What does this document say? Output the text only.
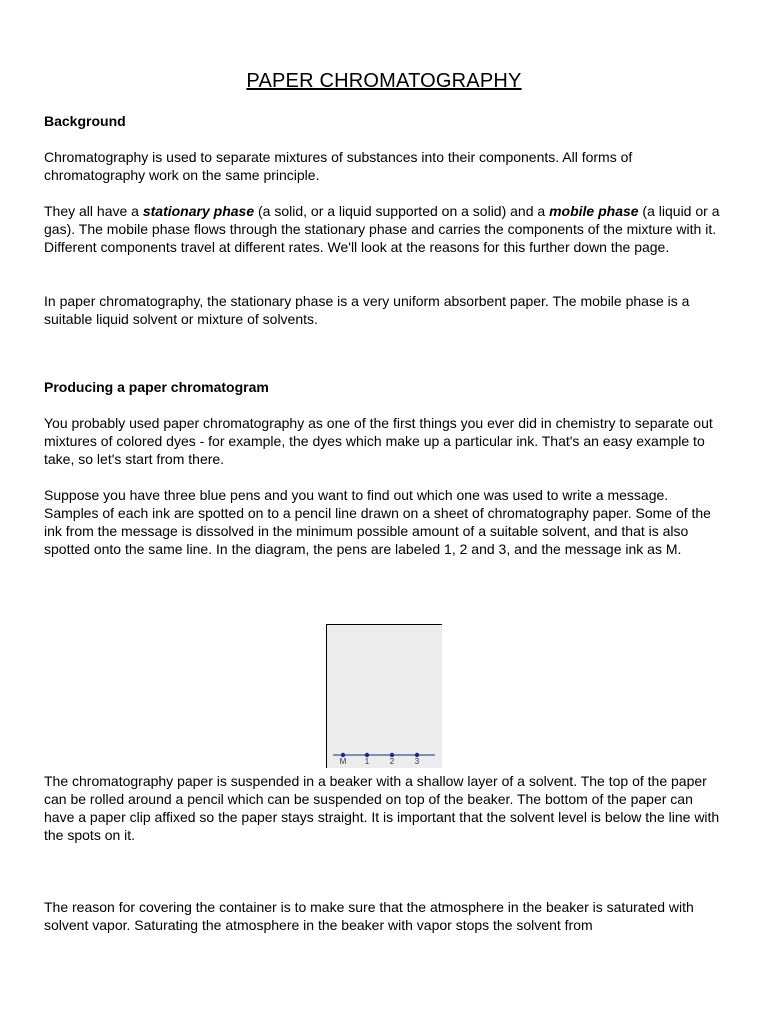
PAPER CHROMATOGRAPHY

Background

Chromatography is used to separate mixtures of substances into their components. All forms of chromatography work on the same principle.

They all have a stationary phase (a solid, or a liquid supported on a solid) and a mobile phase (a liquid or a gas). The mobile phase flows through the stationary phase and carries the components of the mixture with it. Different components travel at different rates. We'll look at the reasons for this further down the page.

In paper chromatography, the stationary phase is a very uniform absorbent paper. The mobile phase is a suitable liquid solvent or mixture of solvents.

Producing a paper chromatogram

You probably used paper chromatography as one of the first things you ever did in chemistry to separate out mixtures of colored dyes - for example, the dyes which make up a particular ink. That's an easy example to take, so let's start from there.

Suppose you have three blue pens and you want to find out which one was used to write a message. Samples of each ink are spotted on to a pencil line drawn on a sheet of chromatography paper. Some of the ink from the message is dissolved in the minimum possible amount of a suitable solvent, and that is also spotted onto the same line. In the diagram, the pens are labeled 1, 2 and 3, and the message ink as M.

M	1	2	3

The chromatography paper is suspended in a beaker with a shallow layer of a solvent. The top of the paper can be rolled around a pencil which can be suspended on top of the beaker. The bottom of the paper can have a paper clip affixed so the paper stays straight. It is important that the solvent level is below the line with the spots on it.

The reason for covering the container is to make sure that the atmosphere in the beaker is saturated with solvent vapor. Saturating the atmosphere in the beaker with vapor stops the solvent from
